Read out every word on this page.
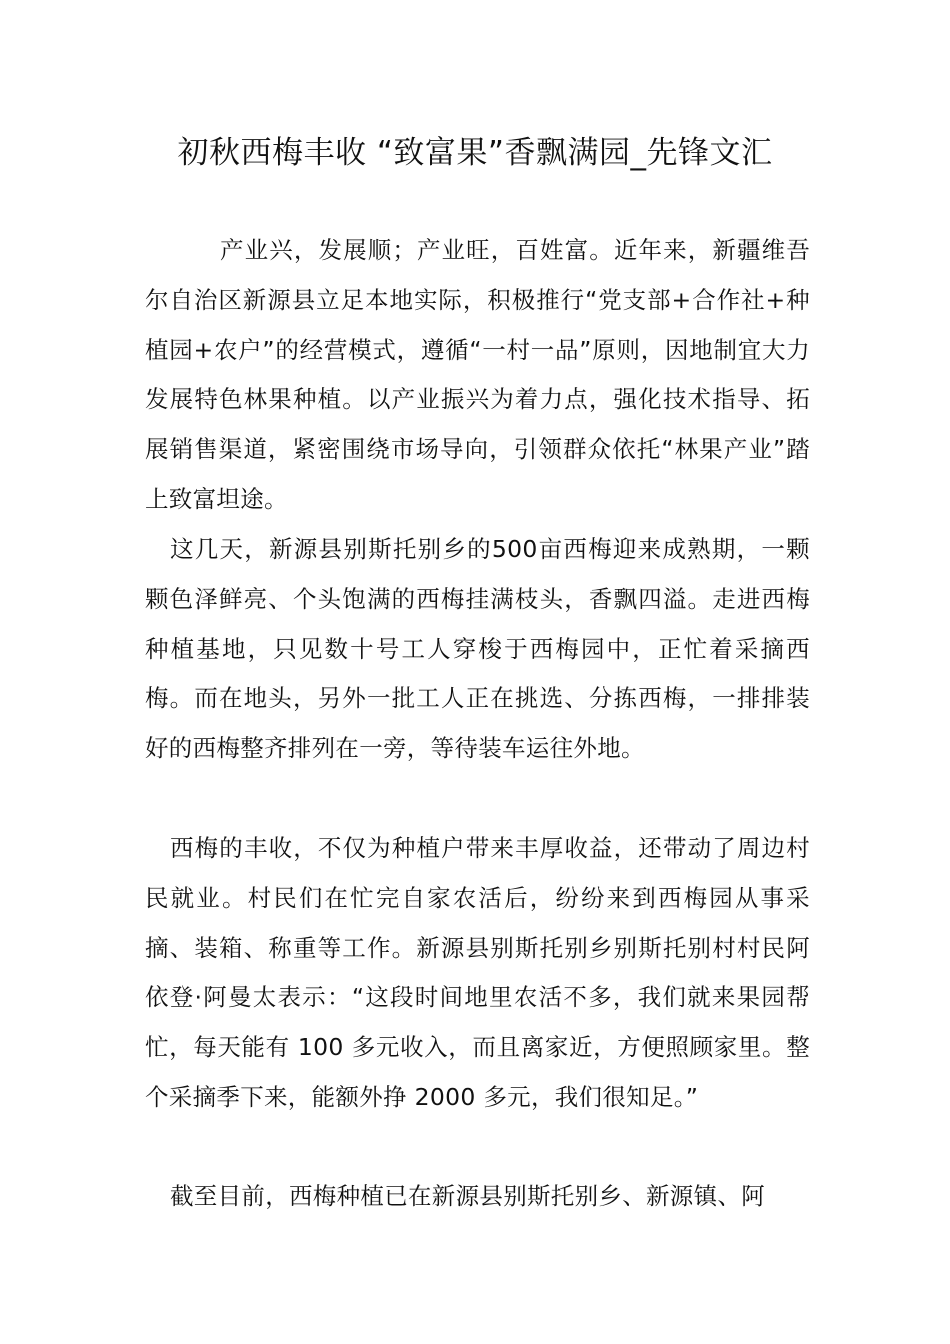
初秋西梅丰收 “致富果”香飘满园_先锋文汇

产业兴，发展顺；产业旺，百姓富。近年来，新疆维吾尔自治区新源县立足本地实际，积极推行“党支部+合作社+种植园+农户”的经营模式，遵循“一村一品”原则，因地制宜大力发展特色林果种植。以产业振兴为着力点，强化技术指导、拓展销售渠道，紧密围绕市场导向，引领群众依托“林果产业”踏上致富坦途。

这几天，新源县别斯托别乡的500亩西梅迎来成熟期，一颗颗色泽鲜亮、个头饱满的西梅挂满枝头，香飘四溢。走进西梅种植基地，只见数十号工人穿梭于西梅园中，正忙着采摘西梅。而在地头，另外一批工人正在挑选、分拣西梅，一排排装好的西梅整齐排列在一旁，等待装车运往外地。

西梅的丰收，不仅为种植户带来丰厚收益，还带动了周边村民就业。村民们在忙完自家农活后，纷纷来到西梅园从事采摘、装箱、称重等工作。新源县别斯托别乡别斯托别村村民阿依登·阿曼太表示：“这段时间地里农活不多，我们就来果园帮忙，每天能有 100 多元收入，而且离家近，方便照顾家里。整个采摘季下来，能额外挣 2000 多元，我们很知足。”

截至目前，西梅种植已在新源县别斯托别乡、新源镇、阿
